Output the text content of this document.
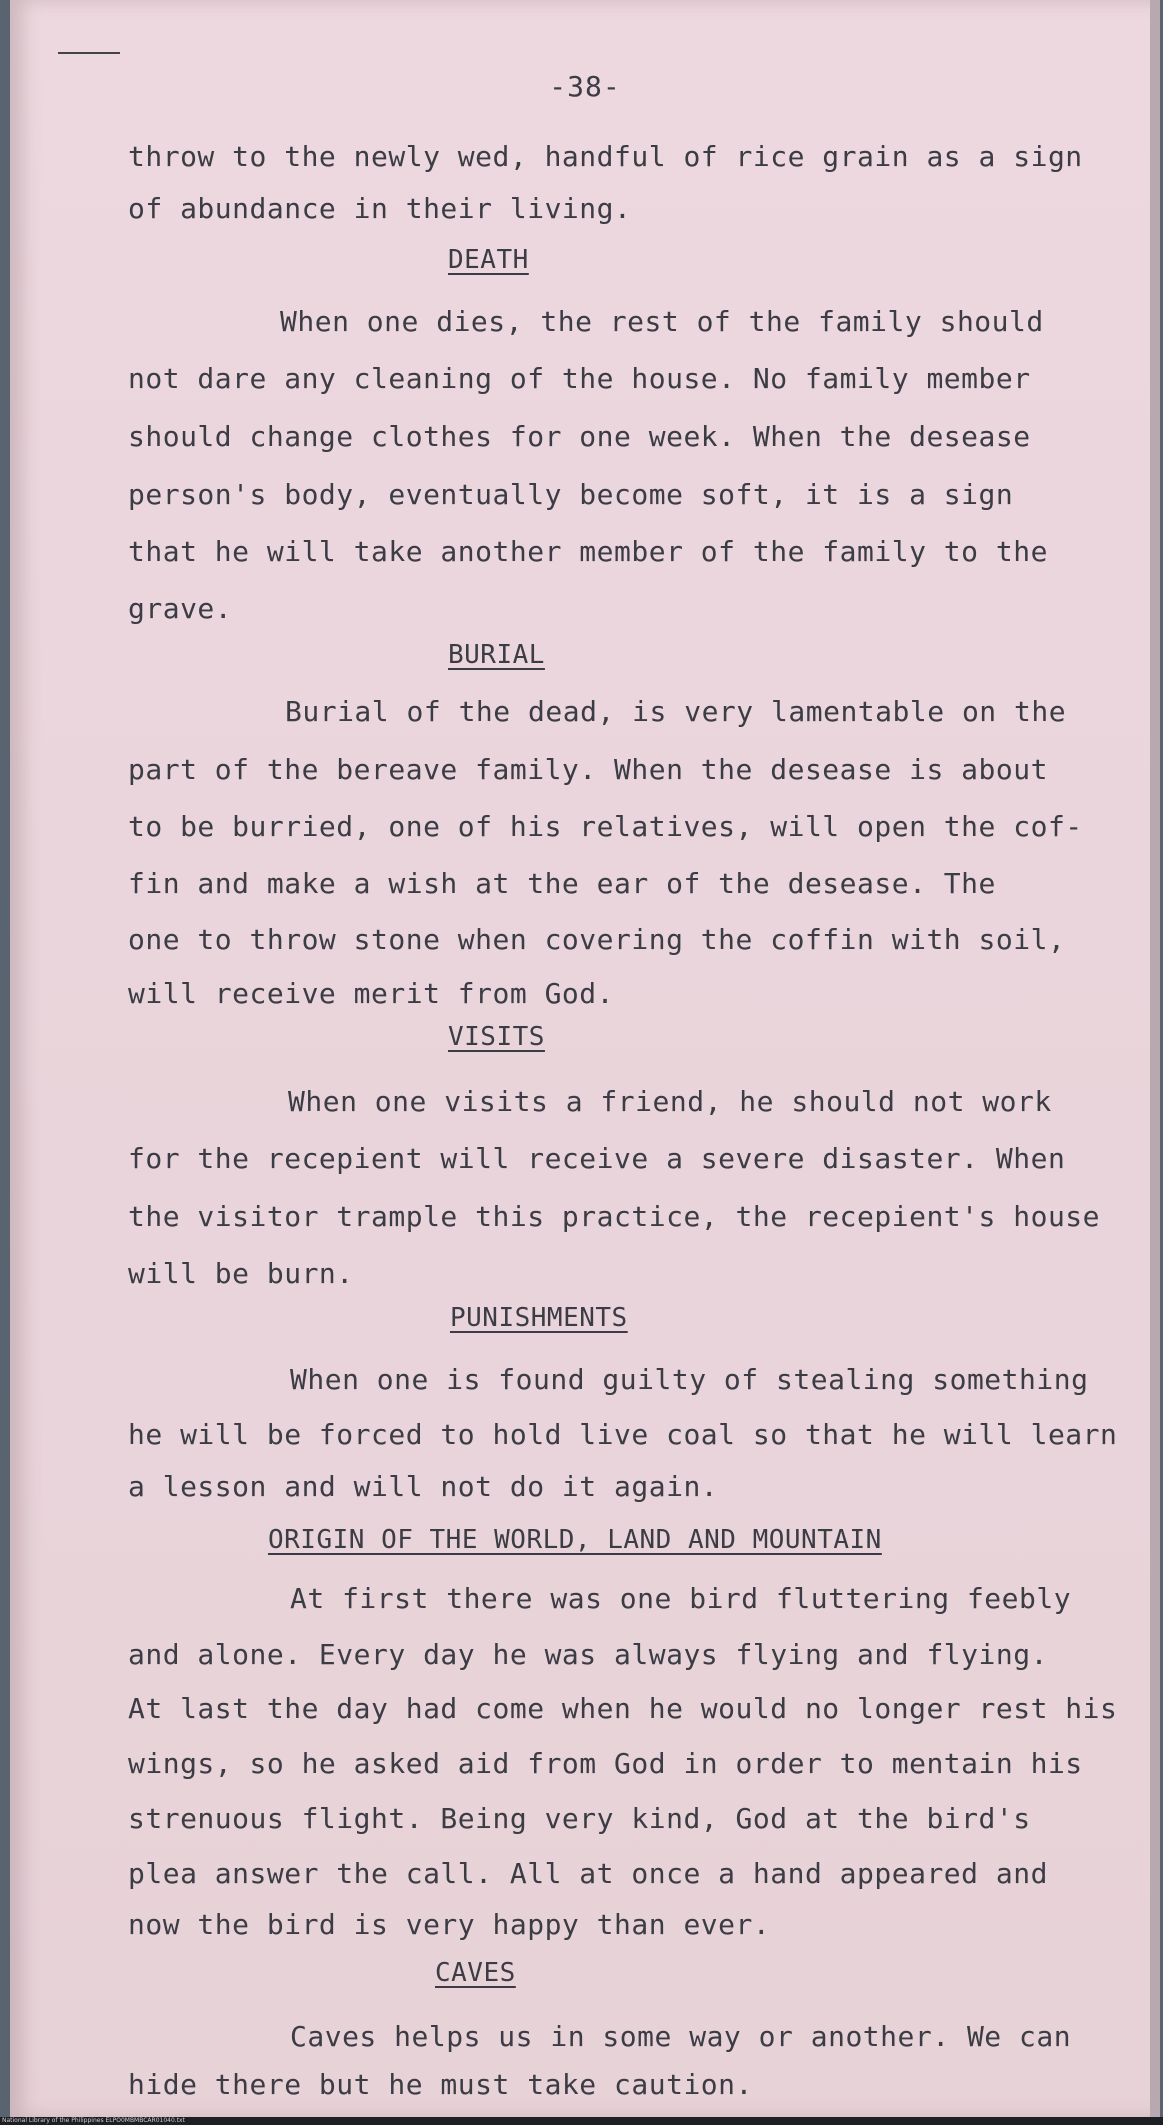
-38-
throw to the newly wed, handful of rice grain as a sign
of abundance in their living.
DEATH
When one dies, the rest of the family should
not dare any cleaning of the house. No family member
should change clothes for one week. When the desease
person's body, eventually become soft, it is a sign
that he will take another member of the family to the
grave.
BURIAL
Burial of the dead, is very lamentable on the
part of the bereave family. When the desease is about
to be burried, one of his relatives, will open the cof-
fin and make a wish at the ear of the desease. The
one to throw stone when covering the coffin with soil,
will receive merit from God.
VISITS
When one visits a friend, he should not work
for the recepient will receive a severe disaster. When
the visitor trample this practice, the recepient's house
will be burn.
PUNISHMENTS
When one is found guilty of stealing something
he will be forced to hold live coal so that he will learn
a lesson and will not do it again.
ORIGIN OF THE WORLD, LAND AND MOUNTAIN
At first there was one bird fluttering feebly
and alone. Every day he was always flying and flying.
At last the day had come when he would no longer rest his
wings, so he asked aid from God in order to mentain his
strenuous flight. Being very kind, God at the bird's
plea answer the call. All at once a hand appeared and
now the bird is very happy than ever.
CAVES
Caves helps us in some way or another. We can
hide there but he must take caution.
National Library of the Philippines ELPO0MBMBCAR01040.txt
